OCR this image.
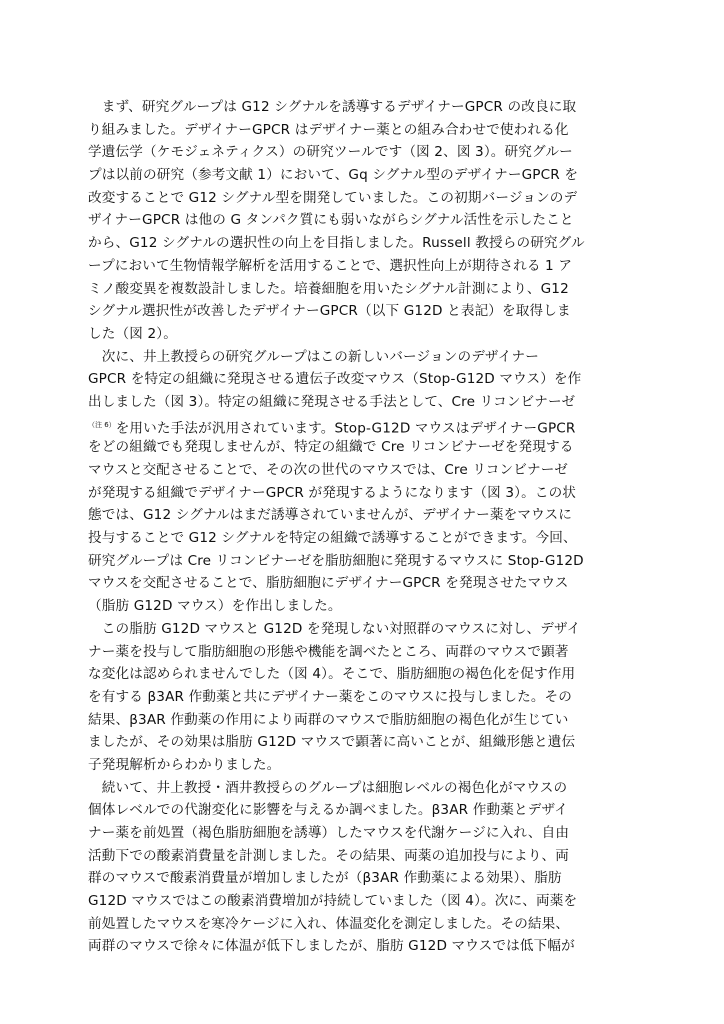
　まず、研究グループは G12 シグナルを誘導するデザイナーGPCR の改良に取
り組みました。デザイナーGPCR はデザイナー薬との組み合わせで使われる化
学遺伝学（ケモジェネティクス）の研究ツールです（図 2、図 3）。研究グルー
プは以前の研究（参考文献 1）において、Gq シグナル型のデザイナーGPCR を
改変することで G12 シグナル型を開発していました。この初期バージョンのデ
ザイナーGPCR は他の G タンパク質にも弱いながらシグナル活性を示したこと
から、G12 シグナルの選択性の向上を目指しました。Russell 教授らの研究グル
ープにおいて生物情報学解析を活用することで、選択性向上が期待される 1 ア
ミノ酸変異を複数設計しました。培養細胞を用いたシグナル計測により、G12
シグナル選択性が改善したデザイナーGPCR（以下 G12D と表記）を取得しま
した（図 2）。
　次に、井上教授らの研究グループはこの新しいバージョンのデザイナー
GPCR を特定の組織に発現させる遺伝子改変マウス（Stop-G12D マウス）を作
出しました（図 3）。特定の組織に発現させる手法として、Cre リコンビナーゼ
$^{(注 6)}$を用いた手法が汎用されています。Stop-G12D マウスはデザイナーGPCR
をどの組織でも発現しませんが、特定の組織で Cre リコンビナーゼを発現する
マウスと交配させることで、その次の世代のマウスでは、Cre リコンビナーゼ
が発現する組織でデザイナーGPCR が発現するようになります（図 3）。この状
態では、G12 シグナルはまだ誘導されていませんが、デザイナー薬をマウスに
投与することで G12 シグナルを特定の組織で誘導することができます。今回、
研究グループは Cre リコンビナーゼを脂肪細胞に発現するマウスに Stop-G12D
マウスを交配させることで、脂肪細胞にデザイナーGPCR を発現させたマウス
（脂肪 G12D マウス）を作出しました。
　この脂肪 G12D マウスと G12D を発現しない対照群のマウスに対し、デザイ
ナー薬を投与して脂肪細胞の形態や機能を調べたところ、両群のマウスで顕著
な変化は認められませんでした（図 4）。そこで、脂肪細胞の褐色化を促す作用
を有する β3AR 作動薬と共にデザイナー薬をこのマウスに投与しました。その
結果、β3AR 作動薬の作用により両群のマウスで脂肪細胞の褐色化が生じてい
ましたが、その効果は脂肪 G12D マウスで顕著に高いことが、組織形態と遺伝
子発現解析からわかりました。
　続いて、井上教授・酒井教授らのグループは細胞レベルの褐色化がマウスの
個体レベルでの代謝変化に影響を与えるか調べました。β3AR 作動薬とデザイ
ナー薬を前処置（褐色脂肪細胞を誘導）したマウスを代謝ケージに入れ、自由
活動下での酸素消費量を計測しました。その結果、両薬の追加投与により、両
群のマウスで酸素消費量が増加しましたが（β3AR 作動薬による効果）、脂肪
G12D マウスではこの酸素消費増加が持続していました（図 4）。次に、両薬を
前処置したマウスを寒冷ケージに入れ、体温変化を測定しました。その結果、
両群のマウスで徐々に体温が低下しましたが、脂肪 G12D マウスでは低下幅が
